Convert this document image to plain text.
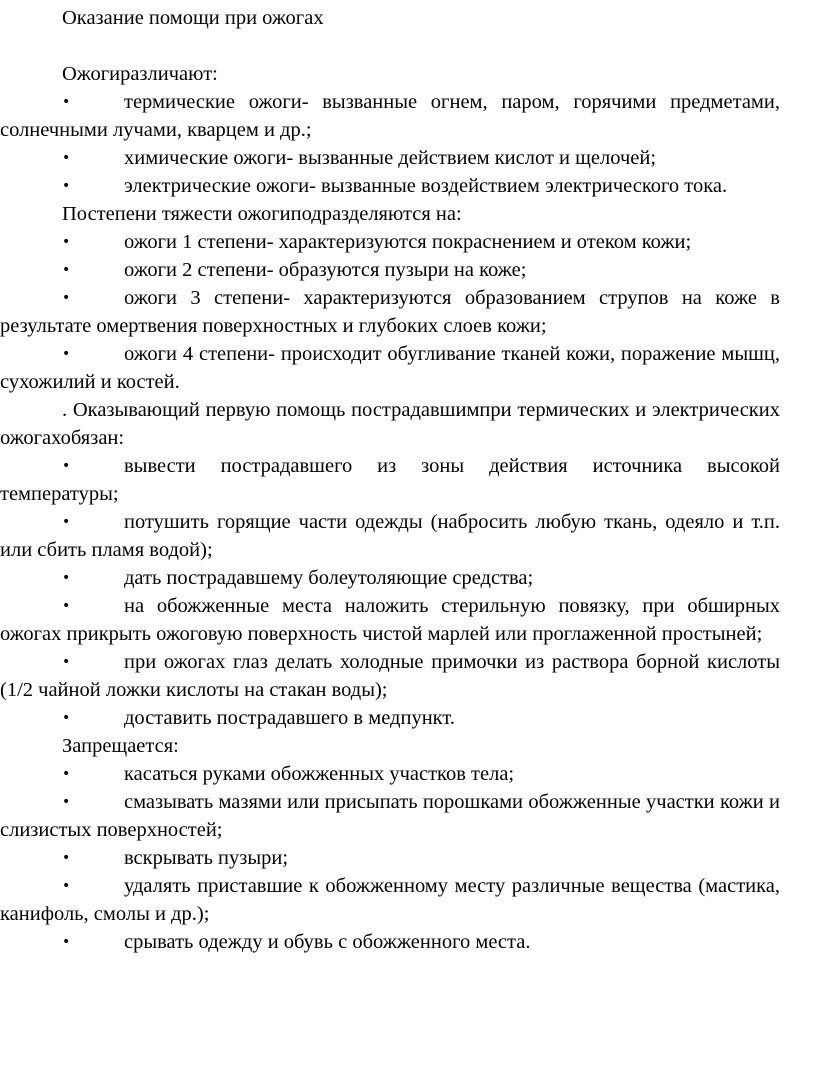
Оказание помощи при ожогах

Ожогиразличают:

•	термические ожоги- вызванные огнем, паром, горячими предметами, солнечными лучами, кварцем и др.;

•	химические ожоги- вызванные действием кислот и щелочей;

•	электрические ожоги- вызванные воздействием электрического тока.

Постепени тяжести ожогиподразделяются на:

•	ожоги 1 степени- характеризуются покраснением и отеком кожи;

•	ожоги 2 степени- образуются пузыри на коже;

•	ожоги 3 степени- характеризуются образованием струпов на коже в результате омертвения поверхностных и глубоких слоев кожи;

•	ожоги 4 степени- происходит обугливание тканей кожи, поражение мышц, сухожилий и костей.

. Оказывающий первую помощь пострадавшимпри термических и электрических ожогахобязан:

•	вывести пострадавшего из зоны действия источника высокой температуры;

•	потушить горящие части одежды (набросить любую ткань, одеяло и т.п. или сбить пламя водой);

•	дать пострадавшему болеутоляющие средства;

•	на обожженные места наложить стерильную повязку, при обширных ожогах прикрыть ожоговую поверхность чистой марлей или проглаженной простыней;

•	при ожогах глаз делать холодные примочки из раствора борной кислоты (1/2 чайной ложки кислоты на стакан воды);

•	доставить пострадавшего в медпункт.

Запрещается:

•	касаться руками обожженных участков тела;

•	смазывать мазями или присыпать порошками обожженные участки кожи и слизистых поверхностей;

•	вскрывать пузыри;

•	удалять приставшие к обожженному месту различные вещества (мастика, канифоль, смолы и др.);

•	срывать одежду и обувь с обожженного места.
